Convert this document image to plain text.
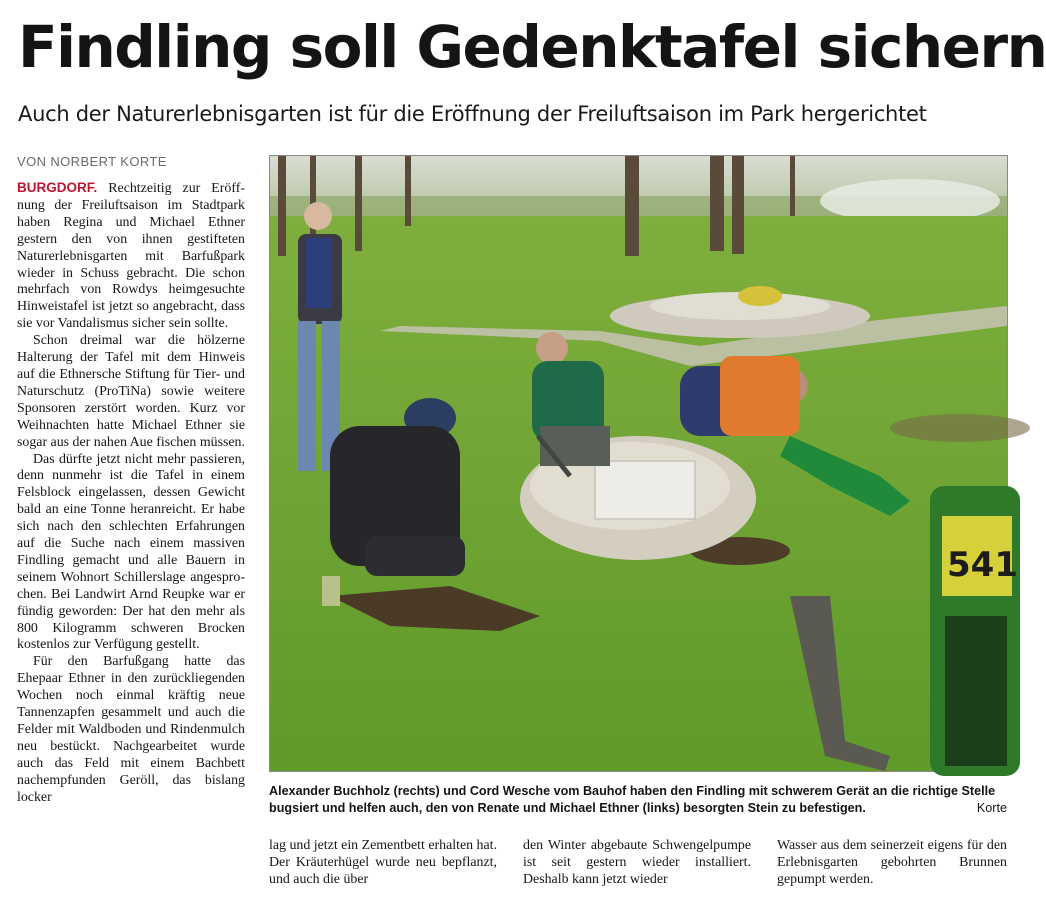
Findling soll Gedenktafel sichern
Auch der Naturerlebnisgarten ist für die Eröffnung der Freiluftsaison im Park hergerichtet
VON NORBERT KORTE

BURGDORF. Rechtzeitig zur Eröffnung der Freiluftsaison im Stadtpark haben Regina und Michael Ethner gestern den von ihnen gestifteten Naturerlebnisgarten mit Barfußpark wieder in Schuss gebracht. Die schon mehrfach von Rowdys heimgesuchte Hinweistafel ist jetzt so angebracht, dass sie vor Vandalismus sicher sein sollte.

Schon dreimal war die hölzerne Halterung der Tafel mit dem Hinweis auf die Ethnersche Stiftung für Tier- und Naturschutz (ProTiNa) sowie weitere Sponsoren zerstört worden. Kurz vor Weihnachten hatte Michael Ethner sie sogar aus der nahen Aue fischen müssen.

Das dürfte jetzt nicht mehr passieren, denn nunmehr ist die Tafel in einem Felsblock eingelassen, dessen Gewicht bald an eine Tonne heranreicht. Er habe sich nach den schlechten Erfahrungen auf die Suche nach einem massiven Findling gemacht und alle Bauern in seinem Wohnort Schillerslage angesprochen. Bei Landwirt Arnd Reupke war er fündig geworden: Der hat den mehr als 800 Kilogramm schweren Brocken kostenlos zur Verfügung gestellt.

Für den Barfußgang hatte das Ehepaar Ethner in den zurückliegenden Wochen noch einmal kräftig neue Tannenzapfen gesammelt und auch die Felder mit Waldboden und Rindenmulch neu bestückt. Nachgearbeitet wurde auch das Feld mit einem Bachbett nachempfunden Geröll, das bislang locker

541
Alexander Buchholz (rechts) und Cord Wesche vom Bauhof haben den Findling mit schwerem Gerät an die richtige Stelle bugsiert und helfen auch, den von Renate und Michael Ethner (links) besorgten Stein zu befestigen.	Korte

lag und jetzt ein Zementbett erhalten hat. Der Kräuterhügel wurde neu bepflanzt, und auch die über

den Winter abgebaute Schwengelpumpe ist seit gestern wieder installiert. Deshalb kann jetzt wieder

Wasser aus dem seinerzeit eigens für den Erlebnisgarten gebohrten Brunnen gepumpt werden.
